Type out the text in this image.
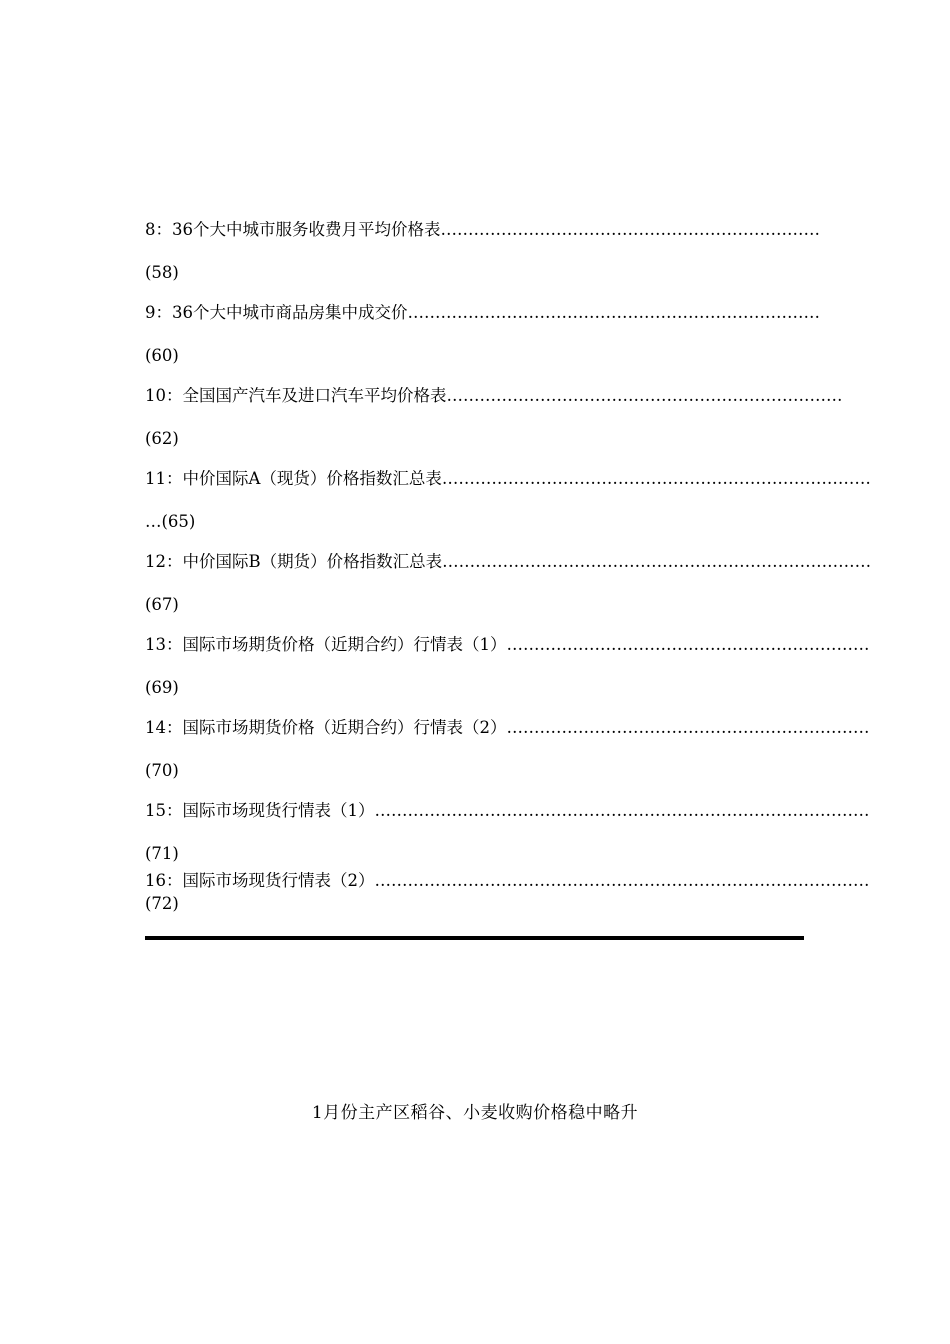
8：36个大中城市服务收费月平均价格表 ……………………………………………………………
(58)
9：36个大中城市商品房集中成交价 …………………………………………………………………
(60)
10：全国国产汽车及进口汽车平均价格表 ………………………………………………………………
(62)
11：中价国际A（现货）价格指数汇总表 ……………………………………………………………………
…(65)
12：中价国际B（期货）价格指数汇总表 ……………………………………………………………………
(67)
13：国际市场期货价格（近期合约）行情表（1） …………………………………………………………
(69)
14：国际市场期货价格（近期合约）行情表（2） …………………………………………………………
(70)
15：国际市场现货行情表（1） ………………………………………………………………………………
(71)
16：国际市场现货行情表（2） ………………………………………………………………………………
(72)
1月份主产区稻谷、小麦收购价格稳中略升
